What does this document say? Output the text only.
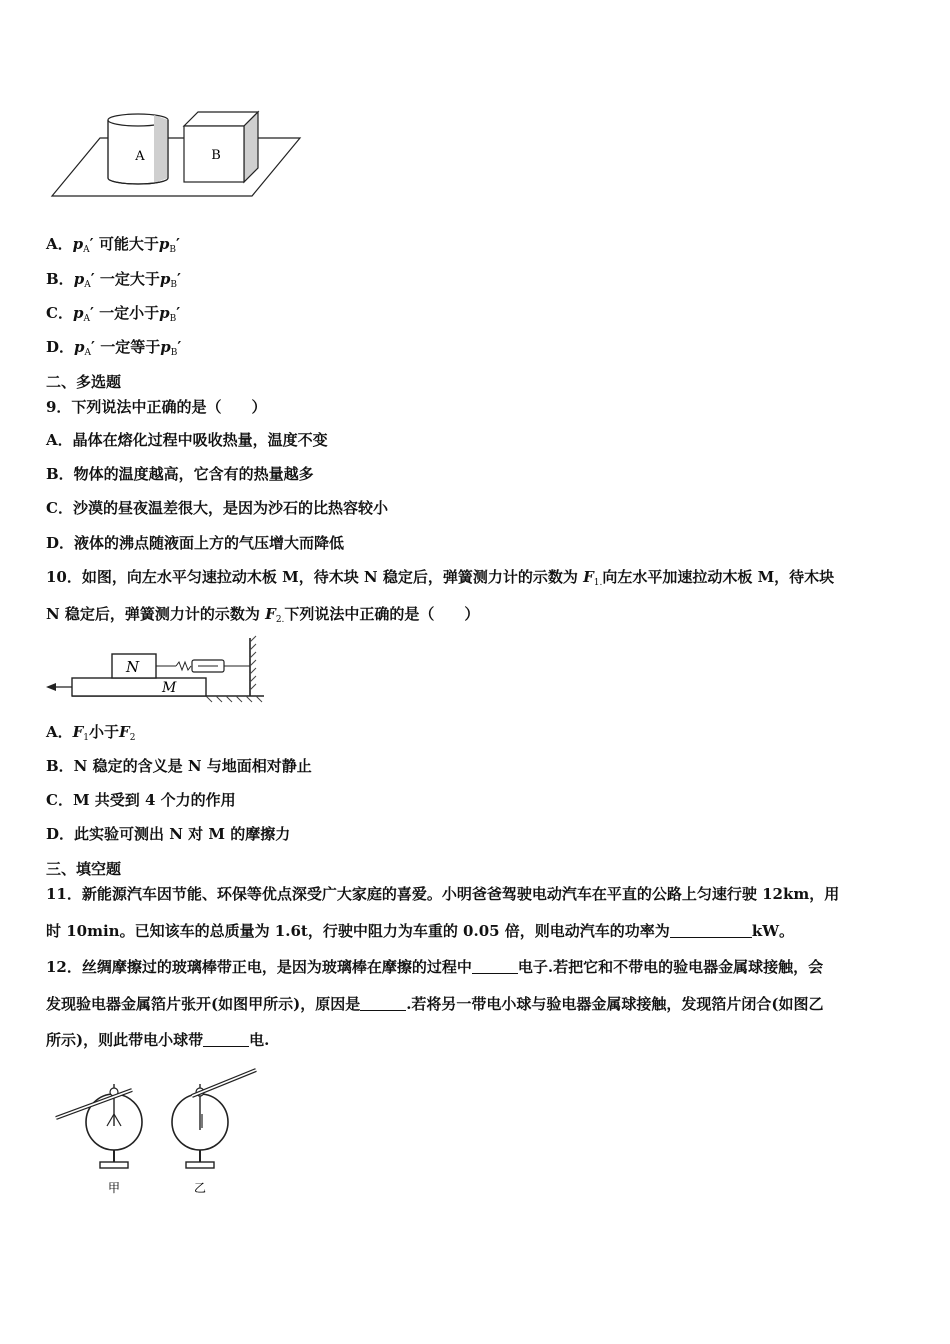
A	B
A．$p_A'$ 可能大于$p_B'$
B．$p_A'$ 一定大于$p_B'$
C．$p_A'$ 一定小于$p_B'$
D．$p_A'$ 一定等于$p_B'$
二、多选题
9．下列说法中正确的是（　　）
A．晶体在熔化过程中吸收热量，温度不变
B．物体的温度越高，它含有的热量越多
C．沙漠的昼夜温差很大，是因为沙石的比热容较小
D．液体的沸点随液面上方的气压增大而降低
10．如图，向左水平匀速拉动木板 M，待木块 N 稳定后，弹簧测力计的示数为 $F_{1.}$向左水平加速拉动木板 M，待木块
N 稳定后，弹簧测力计的示数为 $F_{2.}$下列说法中正确的是（　　）
M
N
A．$F_1$小于$F_2$
B．N 稳定的含义是 N 与地面相对静止
C．M 共受到 4 个力的作用
D．此实验可测出 N 对 M 的摩擦力
三、填空题
11．新能源汽车因节能、环保等优点深受广大家庭的喜爱。小明爸爸驾驶电动汽车在平直的公路上匀速行驶 12km，用
时 10min。已知该车的总质量为 1.6t，行驶中阻力为车重的 0.05 倍，则电动汽车的功率为	kW。
12．丝绸摩擦过的玻璃棒带正电，是因为玻璃棒在摩擦的过程中	电子.若把它和不带电的验电器金属球接触，会
发现验电器金属箔片张开(如图甲所示)，原因是	.若将另一带电小球与验电器金属球接触，发现箔片闭合(如图乙
所示)，则此带电小球带	电.
甲	乙
